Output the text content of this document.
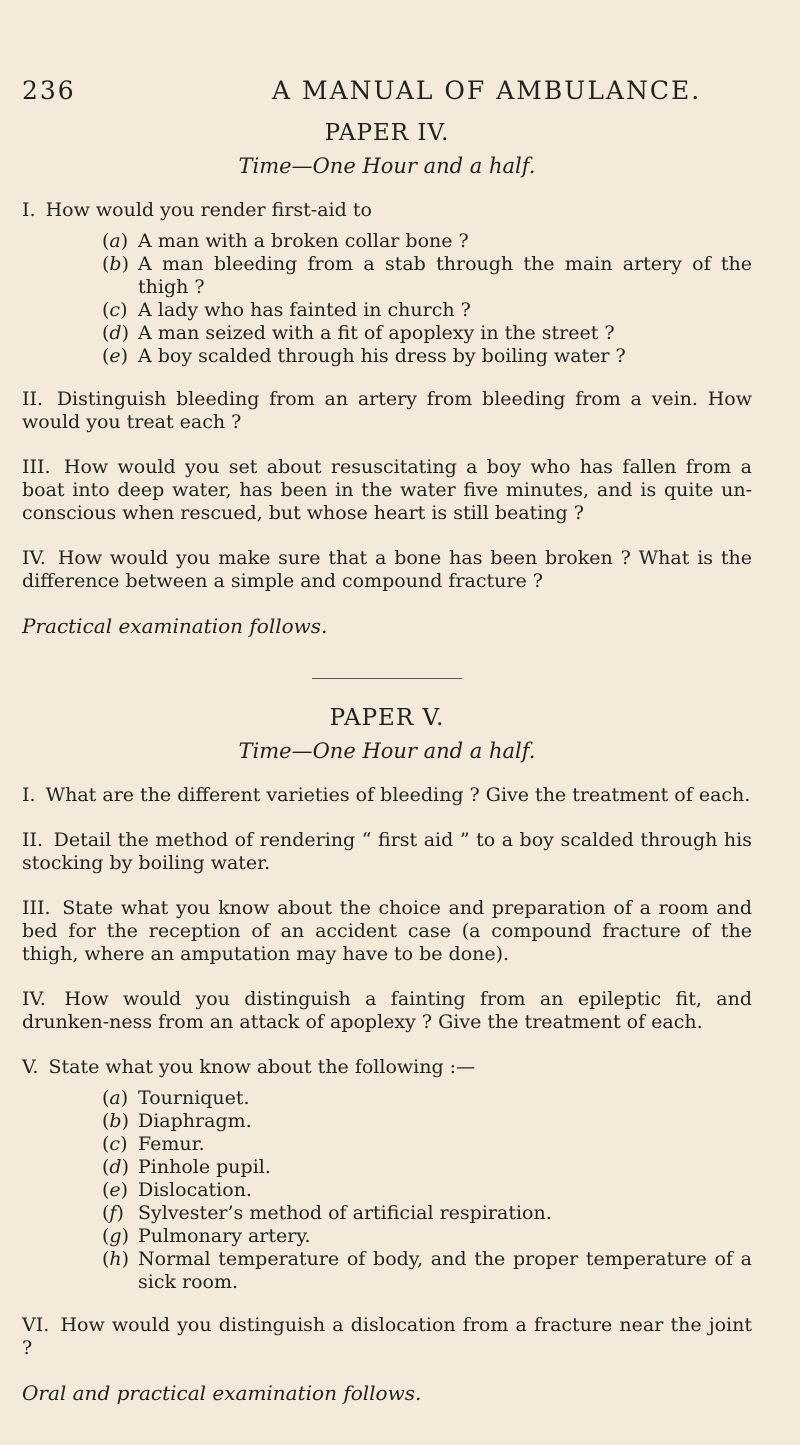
236	A MANUAL OF AMBULANCE.
PAPER IV.
Time—One Hour and a half.

I. How would you render first-aid to

(a) A man with a broken collar bone ?
(b) A man bleeding from a stab through the main artery of the thigh ?
(c) A lady who has fainted in church ?
(d) A man seized with a fit of apoplexy in the street ?
(e) A boy scalded through his dress by boiling water ?

II. Distinguish bleeding from an artery from bleeding from a vein. How would you treat each ?

III. How would you set about resuscitating a boy who has fallen from a boat into deep water, has been in the water five minutes, and is quite un-conscious when rescued, but whose heart is still beating ?

IV. How would you make sure that a bone has been broken ? What is the difference between a simple and compound fracture ?

Practical examination follows.
PAPER V.
Time—One Hour and a half.

I. What are the different varieties of bleeding ? Give the treatment of each.

II. Detail the method of rendering “ first aid ” to a boy scalded through his stocking by boiling water.

III. State what you know about the choice and preparation of a room and bed for the reception of an accident case (a compound fracture of the thigh, where an amputation may have to be done).

IV. How would you distinguish a fainting from an epileptic fit, and drunken-ness from an attack of apoplexy ? Give the treatment of each.

V. State what you know about the following :—

(a) Tourniquet.
(b) Diaphragm.
(c) Femur.
(d) Pinhole pupil.
(e) Dislocation.
(f) Sylvester’s method of artificial respiration.
(g) Pulmonary artery.
(h) Normal temperature of body, and the proper temperature of a sick room.

VI. How would you distinguish a dislocation from a fracture near the joint ?

Oral and practical examination follows.
